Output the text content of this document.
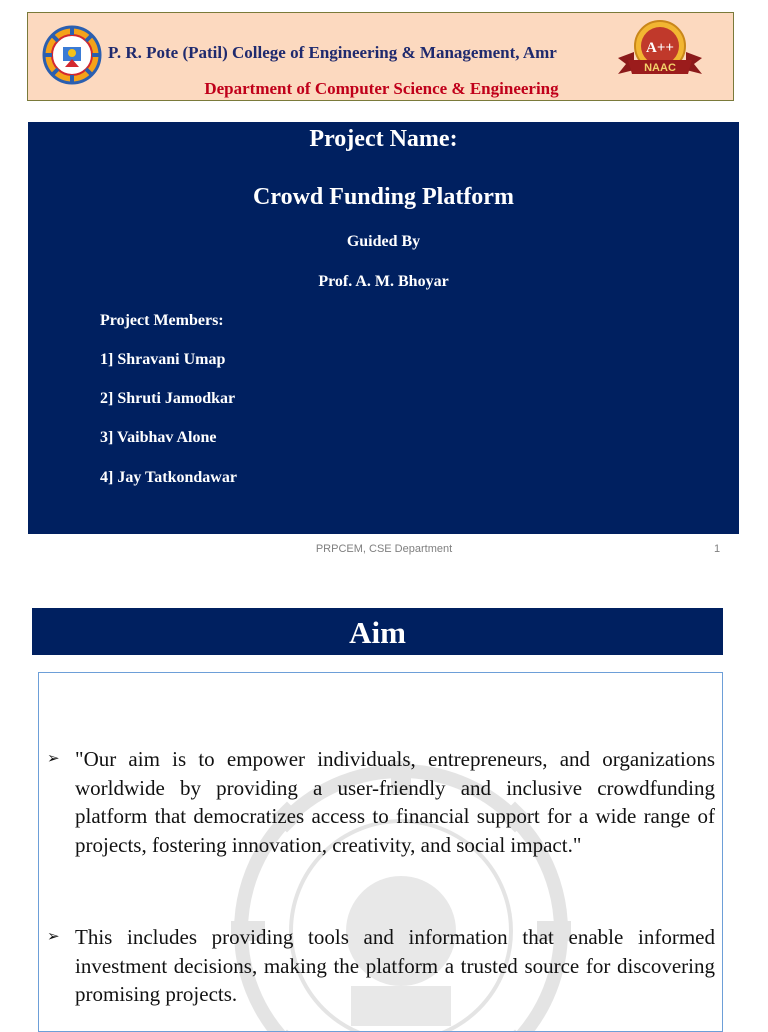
P. R. Pote (Patil) College of Engineering & Management, Amr	A++
NAAC
Department of Computer Science & Engineering
Project Name:
Crowd Funding Platform
Guided By
Prof. A. M. Bhoyar
Project Members:
1] Shravani Umap
2] Shruti Jamodkar
3] Vaibhav Alone
4] Jay Tatkondawar
PRPCEM, CSE Department	1
Aim
➢ "Our aim is to empower individuals, entrepreneurs, and organizations worldwide by providing a user-friendly and inclusive crowdfunding platform that democratizes access to financial support for a wide range of projects, fostering innovation, creativity, and social impact."
➢ This includes providing tools and information that enable informed investment decisions, making the platform a trusted source for discovering promising projects.
